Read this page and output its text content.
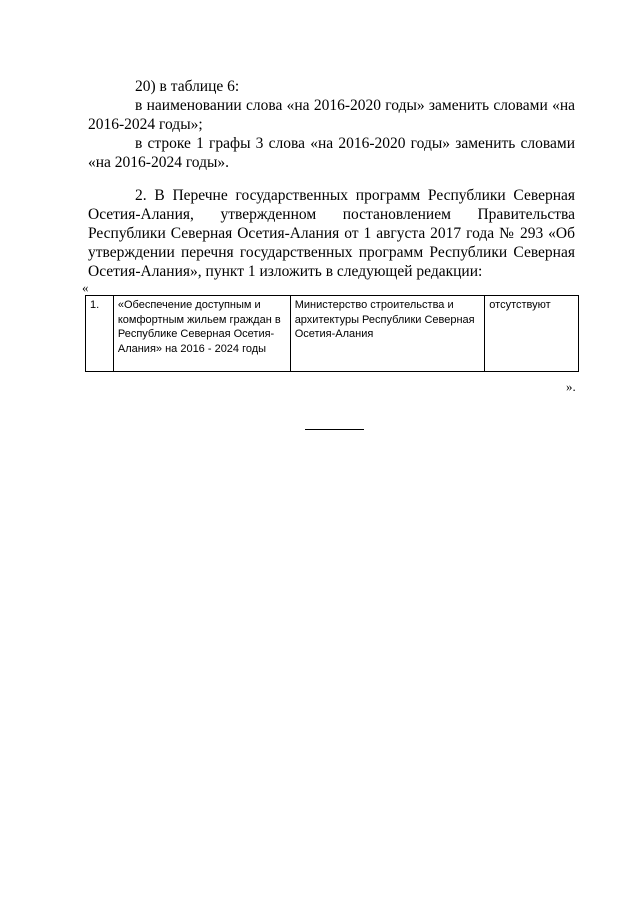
20) в таблице 6:
в наименовании слова «на 2016-2020 годы» заменить словами «на 2016-2024 годы»;
в строке 1 графы 3 слова «на 2016-2020 годы» заменить словами «на 2016-2024 годы».
2. В Перечне государственных программ Республики Северная Осетия-Алания, утвержденном постановлением Правительства Республики Северная Осетия-Алания от 1 августа 2017 года № 293 «Об утверждении перечня государственных программ Республики Северная Осетия-Алания», пункт 1 изложить в следующей редакции:
«
1.	«Обеспечение доступным и комфортным жильем граждан в Республике Северная Осетия-Алания» на 2016 - 2024 годы	Министерство строительства и архитектуры Республики Северная Осетия-Алания	отсутствуют
».
